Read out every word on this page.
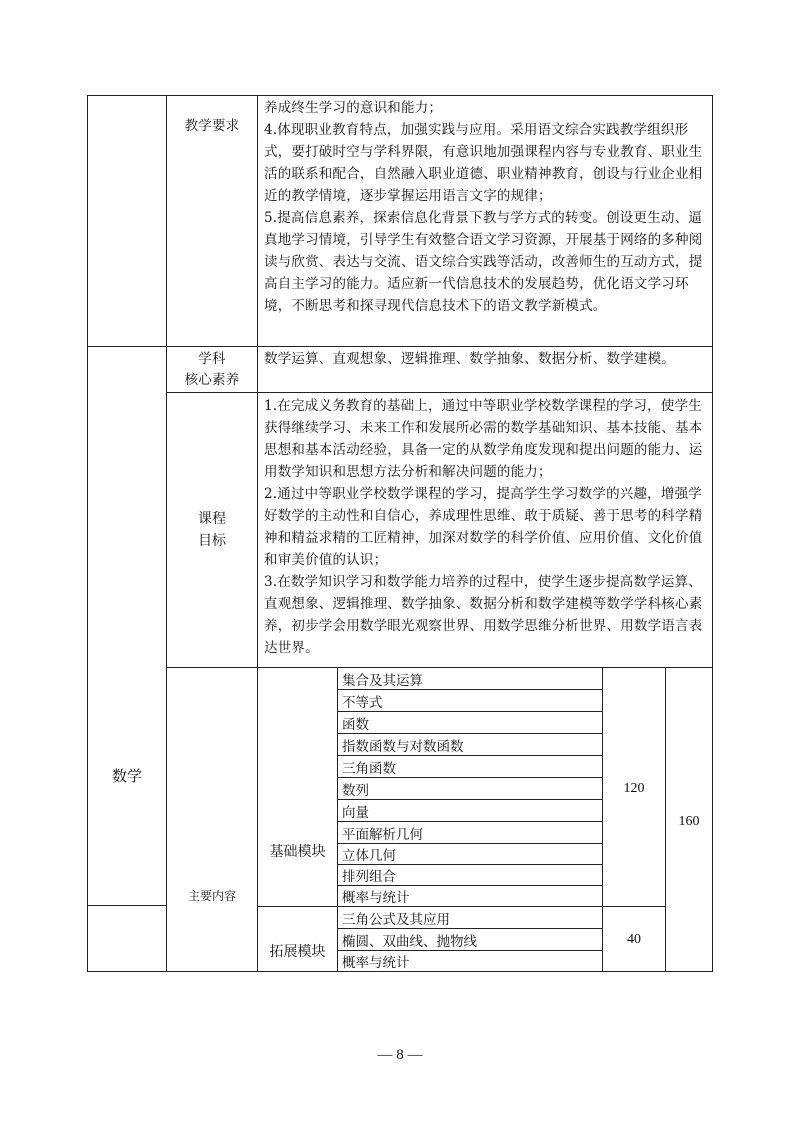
教学要求
养成终生学习的意识和能力；
4.体现职业教育特点，加强实践与应用。采用语文综合实践教学组织形式，要打破时空与学科界限，有意识地加强课程内容与专业教育、职业生活的联系和配合，自然融入职业道德、职业精神教育，创设与行业企业相近的教学情境，逐步掌握运用语言文字的规律；
5.提高信息素养，探索信息化背景下教与学方式的转变。创设更生动、逼真地学习情境，引导学生有效整合语文学习资源，开展基于网络的多种阅读与欣赏、表达与交流、语文综合实践等活动，改善师生的互动方式，提高自主学习的能力。适应新一代信息技术的发展趋势，优化语文学习环境，不断思考和探寻现代信息技术下的语文教学新模式。
数学
学科
核心素养
数学运算、直观想象、逻辑推理、数学抽象、数据分析、数学建模。
课程
目标
1.在完成义务教育的基础上，通过中等职业学校数学课程的学习，使学生获得继续学习、未来工作和发展所必需的数学基础知识、基本技能、基本思想和基本活动经验，具备一定的从数学角度发现和提出问题的能力、运用数学知识和思想方法分析和解决问题的能力；
2.通过中等职业学校数学课程的学习，提高学生学习数学的兴趣，增强学好数学的主动性和自信心，养成理性思维、敢于质疑、善于思考的科学精神和精益求精的工匠精神，加深对数学的科学价值、应用价值、文化价值和审美价值的认识；
3.在数学知识学习和数学能力培养的过程中，使学生逐步提高数学运算、直观想象、逻辑推理、数学抽象、数据分析和数学建模等数学学科核心素养，初步学会用数学眼光观察世界、用数学思维分析世界、用数学语言表达世界。
主要内容
基础模块
拓展模块
集合及其运算
不等式
函数
指数函数与对数函数
三角函数
数列
向量
平面解析几何
立体几何
排列组合
概率与统计
三角公式及其应用
椭圆、双曲线、抛物线
概率与统计
120
40
160
— 8 —
